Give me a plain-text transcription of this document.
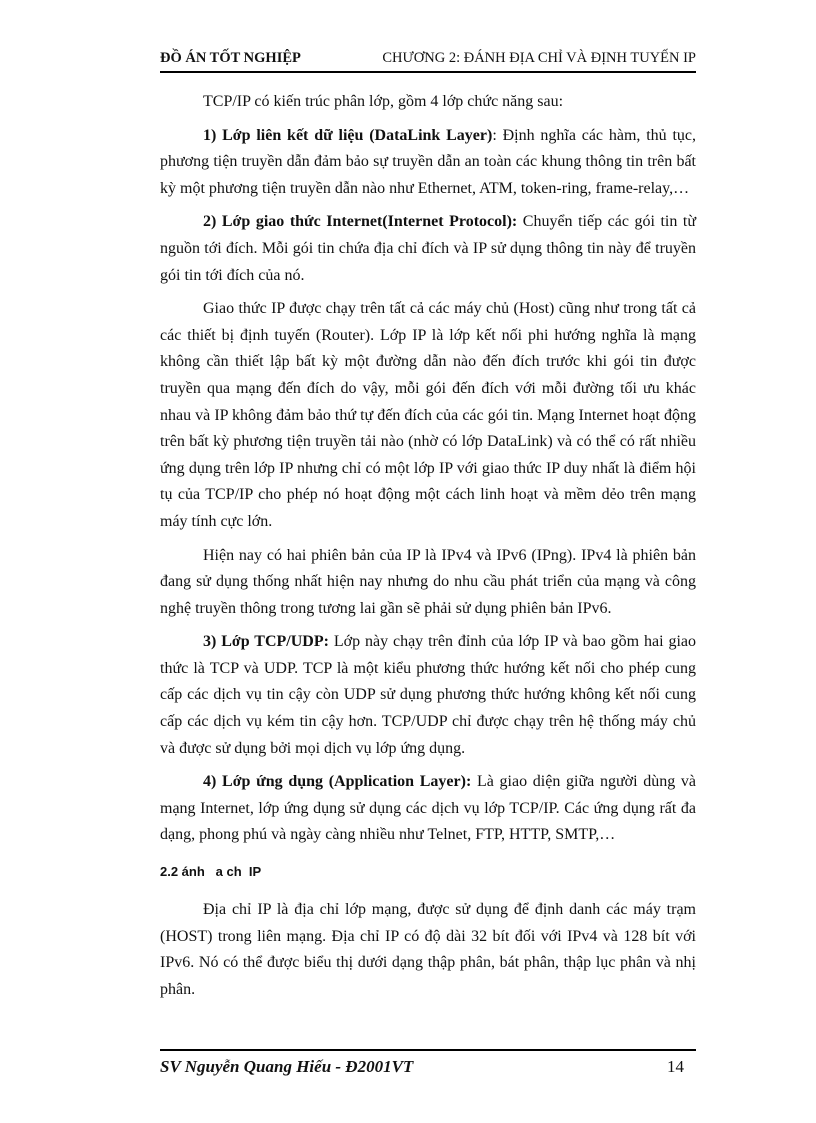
ĐỒ ÁN TỐT NGHIỆP	CHƯƠNG 2: ĐÁNH ĐỊA CHỈ VÀ ĐỊNH TUYẾN IP

TCP/IP có kiến trúc phân lớp, gồm 4 lớp chức năng sau:

1) Lớp liên kết dữ liệu (DataLink Layer): Định nghĩa các hàm, thủ tục, phương tiện truyền dẫn đảm bảo sự truyền dẫn an toàn các khung thông tin trên bất kỳ một phương tiện truyền dẫn nào như Ethernet, ATM, token-ring, frame-relay,…

2) Lớp giao thức Internet(Internet Protocol): Chuyển tiếp các gói tin từ nguồn tới đích. Mỗi gói tin chứa địa chỉ đích và IP sử dụng thông tin này để truyền gói tin tới đích của nó.

Giao thức IP được chạy trên tất cả các máy chủ (Host) cũng như trong tất cả các thiết bị định tuyến (Router). Lớp IP là lớp kết nối phi hướng nghĩa là mạng không cần thiết lập bất kỳ một đường dẫn nào đến đích trước khi gói tin được truyền qua mạng đến đích do vậy, mỗi gói đến đích với mỗi đường tối ưu khác nhau và IP không đảm bảo thứ tự đến đích của các gói tin. Mạng Internet hoạt động trên bất kỳ phương tiện truyền tải nào (nhờ có lớp DataLink) và có thể có rất nhiều ứng dụng trên lớp IP nhưng chỉ có một lớp IP với giao thức IP duy nhất là điểm hội tụ của TCP/IP cho phép nó hoạt động một cách linh hoạt và mềm dẻo trên mạng máy tính cực lớn.

Hiện nay có hai phiên bản của IP là IPv4 và IPv6 (IPng). IPv4 là phiên bản đang sử dụng thống nhất hiện nay nhưng do nhu cầu phát triển của mạng và công nghệ truyền thông trong tương lai gần sẽ phải sử dụng phiên bản IPv6.

3) Lớp TCP/UDP: Lớp này chạy trên đỉnh của lớp IP và bao gồm hai giao thức là TCP và UDP. TCP là một kiểu phương thức hướng kết nối cho phép cung cấp các dịch vụ tin cậy còn UDP sử dụng phương thức hướng không kết nối cung cấp các dịch vụ kém tin cậy hơn. TCP/UDP chỉ được chạy trên hệ thống máy chủ và được sử dụng bởi mọi dịch vụ lớp ứng dụng.

4) Lớp ứng dụng (Application Layer): Là giao diện giữa người dùng và mạng Internet, lớp ứng dụng sử dụng các dịch vụ lớp TCP/IP. Các ứng dụng rất đa dạng, phong phú và ngày càng nhiều như Telnet, FTP, HTTP, SMTP,…

2.2 ánh   a ch  IP

Địa chỉ IP là địa chỉ lớp mạng, được sử dụng để định danh các máy trạm (HOST) trong liên mạng. Địa chỉ IP có độ dài 32 bít đối với IPv4 và 128 bít với IPv6. Nó có thể được biểu thị dưới dạng thập phân, bát phân, thập lục phân và nhị phân.

SV Nguyễn Quang Hiếu - Đ2001VT	14
